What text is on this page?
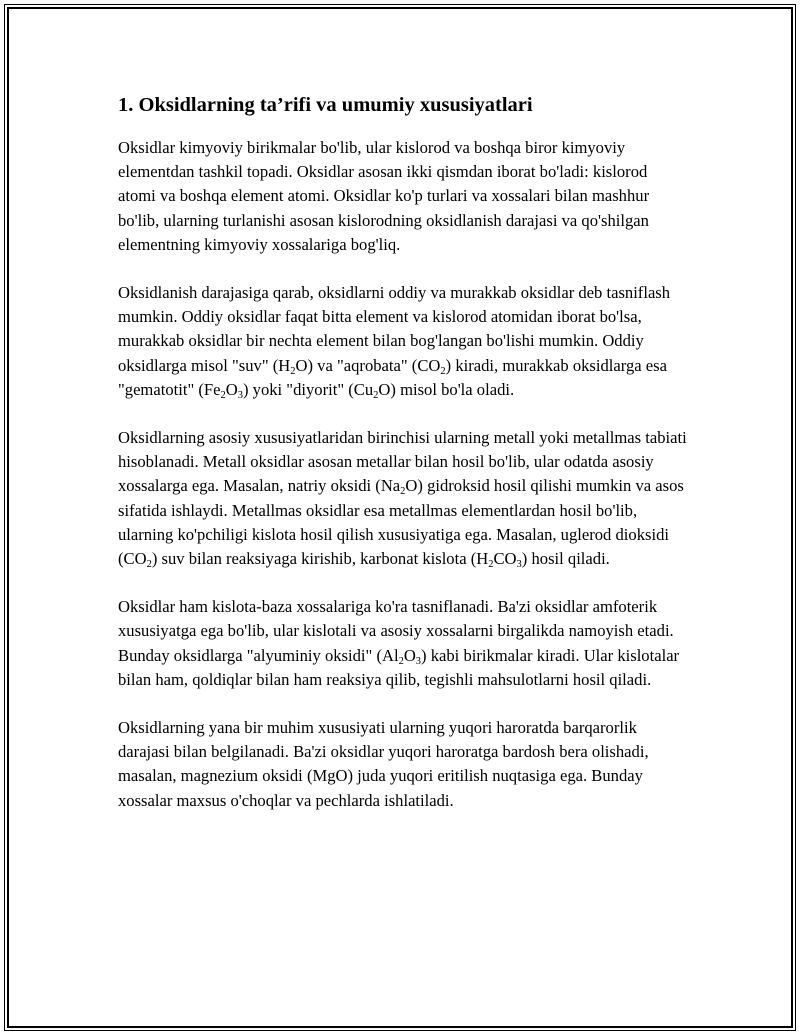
1. Oksidlarning ta’rifi va umumiy xususiyatlari

Oksidlar kimyoviy birikmalar bo'lib, ular kislorod va boshqa biror kimyoviy elementdan tashkil topadi. Oksidlar asosan ikki qismdan iborat bo'ladi: kislorod atomi va boshqa element atomi. Oksidlar ko'p turlari va xossalari bilan mashhur bo'lib, ularning turlanishi asosan kislorodning oksidlanish darajasi va qo'shilgan elementning kimyoviy xossalariga bog'liq.

Oksidlanish darajasiga qarab, oksidlarni oddiy va murakkab oksidlar deb tasniflash mumkin. Oddiy oksidlar faqat bitta element va kislorod atomidan iborat bo'lsa, murakkab oksidlar bir nechta element bilan bog'langan bo'lishi mumkin. Oddiy oksidlarga misol "suv" $(H_2O)$ va "aqrobata" $(CO_2)$ kiradi, murakkab oksidlarga esa "gematotit" $(Fe_2O_3)$ yoki "diyorit" $(Cu_2O)$ misol bo'la oladi.

Oksidlarning asosiy xususiyatlaridan birinchisi ularning metall yoki metallmas tabiati hisoblanadi. Metall oksidlar asosan metallar bilan hosil bo'lib, ular odatda asosiy xossalarga ega. Masalan, natriy oksidi $(Na_2O)$ gidroksid hosil qilishi mumkin va asos sifatida ishlaydi. Metallmas oksidlar esa metallmas elementlardan hosil bo'lib, ularning ko'pchiligi kislota hosil qilish xususiyatiga ega. Masalan, uglerod dioksidi $(CO_2)$ suv bilan reaksiyaga kirishib, karbonat kislota $(H_2CO_3)$ hosil qiladi.

Oksidlar ham kislota-baza xossalariga ko'ra tasniflanadi. Ba'zi oksidlar amfoterik xususiyatga ega bo'lib, ular kislotali va asosiy xossalarni birgalikda namoyish etadi. Bunday oksidlarga "alyuminiy oksidi" $(Al_2O_3)$ kabi birikmalar kiradi. Ular kislotalar bilan ham, qoldiqlar bilan ham reaksiya qilib, tegishli mahsulotlarni hosil qiladi.

Oksidlarning yana bir muhim xususiyati ularning yuqori haroratda barqarorlik darajasi bilan belgilanadi. Ba'zi oksidlar yuqori haroratga bardosh bera olishadi, masalan, magnezium oksidi (MgO) juda yuqori eritilish nuqtasiga ega. Bunday xossalar maxsus o'choqlar va pechlarda ishlatiladi.
